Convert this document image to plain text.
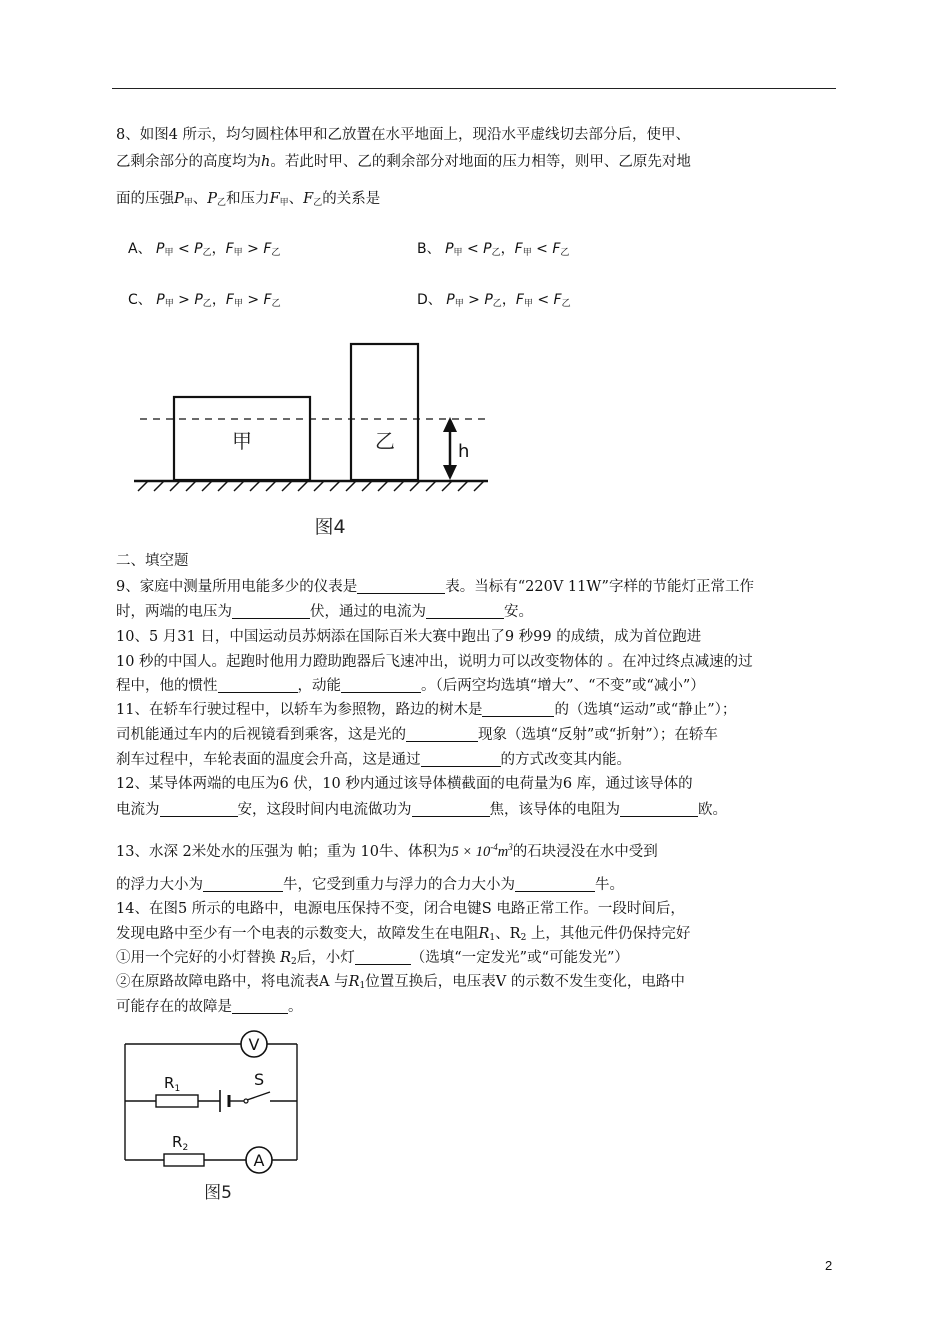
8、如图4 所示，均匀圆柱体甲和乙放置在水平地面上，现沿水平虚线切去部分后，使甲、
乙剩余部分的高度均为h。若此时甲、乙的剩余部分对地面的压力相等，则甲、乙原先对地
面的压强$P_甲$、$P_乙$和压力$F_甲$、$F_乙$的关系是
A、 $P_甲 < P_乙$，$F_甲 > F_乙$	B、 $P_甲 < P_乙$，$F_甲 < F_乙$
C、 $P_甲 > P_乙$，$F_甲 > F_乙$	D、 $P_甲 > P_乙$，$F_甲 < F_乙$
甲	乙	h
图4
二、填空题
9、家庭中测量所用电能多少的仪表是	表。当标有“220V 11W”字样的节能灯正常工作
时，两端的电压为	伏，通过的电流为	安。
10、5 月31 日，中国运动员苏炳添在国际百米大赛中跑出了9 秒99 的成绩，成为首位跑进
10 秒的中国人。起跑时他用力蹬助跑器后飞速冲出，说明力可以改变物体的 。在冲过终点减速的过
程中，他的惯性	，动能	。（后两空均选填“增大”、“不变”或“减小”）
11、在轿车行驶过程中，以轿车为参照物，路边的树木是	的（选填“运动”或“静止”）；
司机能通过车内的后视镜看到乘客，这是光的	现象（选填“反射”或“折射”）；在轿车
刹车过程中，车轮表面的温度会升高，这是通过	的方式改变其内能。
12、某导体两端的电压为6 伏，10 秒内通过该导体横截面的电荷量为6 库，通过该导体的
电流为	安，这段时间内电流做功为	焦，该导体的电阻为	欧。
13、水深 2米处水的压强为 帕；重为 10牛、体积为$5 \times 10^{-4}m^3$的石块浸没在水中受到
的浮力大小为	牛，它受到重力与浮力的合力大小为	牛。
14、在图5 所示的电路中，电源电压保持不变，闭合电键S 电路正常工作。一段时间后，
发现电路中至少有一个电表的示数变大，故障发生在电阻$R_1$、$R_2$ 上，其他元件仍保持完好
①用一个完好的小灯替换 $R_2$后，小灯	（选填“一定发光”或“可能发光”）
②在原路故障电路中，将电流表A 与$R_1$位置互换后，电压表V 的示数不发生变化，电路中
可能存在的故障是	。
V
$R_1$	S
$R_2$
A
图5
2
